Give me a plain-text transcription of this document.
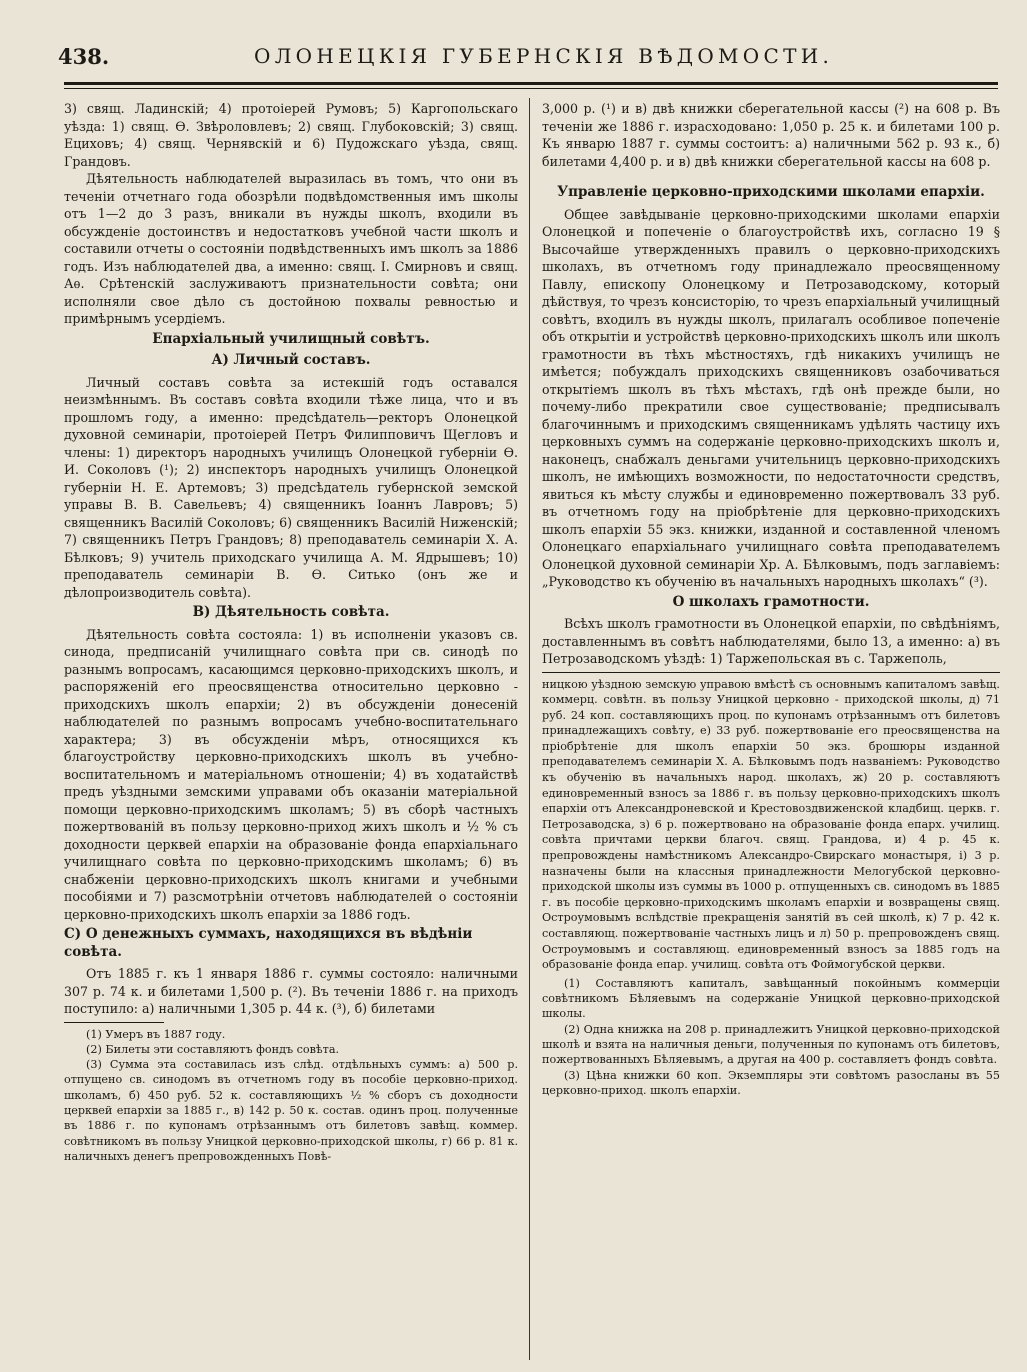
438.	ОЛОНЕЦКІЯ ГУБЕРНСКІЯ ВѢДОМОСТИ.

3) свящ. Ладинскій; 4) протоіерей Румовъ; 5) Каргопольскаго уѣзда: 1) свящ. Ѳ. Звѣроловлевъ; 2) свящ. Глубоковскій; 3) свящ. Ециховъ; 4) свящ. Чернявскій и 6) Пудожскаго уѣзда, свящ. Грандовъ.

Дѣятельность наблюдателей выразилась въ томъ, что они въ теченіи отчетнаго года обозрѣли подвѣдомственныя имъ школы отъ 1—2 до 3 разъ, вникали въ нужды школъ, входили въ обсужденіе достоинствъ и недостатковъ учебной части школъ и составили отчеты о состояніи подвѣдственныхъ имъ школъ за 1886 годъ. Изъ наблюдателей два, а именно: свящ. І. Смирновъ и свящ. Аѳ. Срѣтенскій заслуживаютъ признательности совѣта; они исполняли свое дѣло съ достойною похвалы ревностью и примѣрнымъ усердіемъ.

Епархіальный училищный совѣтъ.
А) Личный составъ.

Личный составъ совѣта за истекшій годъ оставался неизмѣннымъ. Въ составъ совѣта входили тѣже лица, что и въ прошломъ году, а именно: предсѣдатель—ректоръ Олонецкой духовной семинаріи, протоіерей Петръ Филипповичъ Щегловъ и члены: 1) директоръ народныхъ училищъ Олонецкой губерніи Ѳ. И. Соколовъ (¹); 2) инспекторъ народныхъ училищъ Олонецкой губерніи Н. Е. Артемовъ; 3) предсѣдатель губернской земской управы В. В. Савельевъ; 4) священникъ Іоаннъ Лавровъ; 5) священникъ Василій Соколовъ; 6) священникъ Василій Ниженскій; 7) священникъ Петръ Грандовъ; 8) преподаватель семинаріи Х. А. Бѣлковъ; 9) учитель приходскаго училища А. М. Ядрышевъ; 10) преподаватель семинаріи В. Ѳ. Ситько (онъ же и дѣлопроизводитель совѣта).

В) Дѣятельность совѣта.

Дѣятельность совѣта состояла: 1) въ исполненіи указовъ св. синода, предписаній училищнаго совѣта при св. синодѣ по разнымъ вопросамъ, касающимся церковно-приходскихъ школъ, и распоряженій его преосвященства относительно церковно - приходскихъ школъ епархіи; 2) въ обсужденіи донесеній наблюдателей по разнымъ вопросамъ учебно-воспитательнаго характера; 3) въ обсужденіи мѣръ, относящихся къ благоустройству церковно-приходскихъ школъ въ учебно-воспитательномъ и матеріальномъ отношеніи; 4) въ ходатайствѣ предъ уѣздными земскими управами объ оказаніи матеріальной помощи церковно-приходскимъ школамъ; 5) въ сборѣ частныхъ пожертвованій въ пользу церковно-приход жихъ школъ и ½ % съ доходности церквей епархіи на образованіе фонда епархіальнаго училищнаго совѣта по церковно-приходскимъ школамъ; 6) въ снабженіи церковно-приходскихъ школъ книгами и учебными пособіями и 7) разсмотрѣніи отчетовъ наблюдателей о состояніи церковно-приходскихъ школъ епархіи за 1886 годъ.

С) О денежныхъ суммахъ, находящихся въ вѣдѣніи совѣта.

Отъ 1885 г. къ 1 января 1886 г. суммы состояло: наличными 307 р. 74 к. и билетами 1,500 р. (²). Въ теченіи 1886 г. на приходъ поступило: а) наличными 1,305 р. 44 к. (³), б) билетами

(1) Умеръ въ 1887 году.

(2) Билеты эти составляютъ фондъ совѣта.

(3) Сумма эта составилась изъ слѣд. отдѣльныхъ суммъ: а) 500 р. отпущено св. синодомъ въ отчетномъ году въ пособіе церковно-приход. школамъ, б) 450 руб. 52 к. составляющихъ ½ % сборъ съ доходности церквей епархіи за 1885 г., в) 142 р. 50 к. состав. одинъ проц. полученные въ 1886 г. по купонамъ отрѣзаннымъ отъ билетовъ завѣщ. коммер. совѣтникомъ въ пользу Уницкой церковно-приходской школы, г) 66 р. 81 к. наличныхъ денегъ препровожденныхъ Повѣ-

3,000 р. (¹) и в) двѣ книжки сберегательной кассы (²) на 608 р. Въ теченіи же 1886 г. израсходовано: 1,050 р. 25 к. и билетами 100 р. Къ январю 1887 г. суммы состоитъ: а) наличными 562 р. 93 к., б) билетами 4,400 р. и в) двѣ книжки сберегательной кассы на 608 р.

Управленіе церковно-приходскими школами епархіи.

Общее завѣдываніе церковно-приходскими школами епархіи Олонецкой и попеченіе о благоустройствѣ ихъ, согласно 19 § Высочайше утвержденныхъ правилъ о церковно-приходскихъ школахъ, въ отчетномъ году принадлежало преосвященному Павлу, епископу Олонецкому и Петрозаводскому, который дѣйствуя, то чрезъ консисторію, то чрезъ епархіальный училищный совѣтъ, входилъ въ нужды школъ, прилагалъ особливое попеченіе объ открытіи и устройствѣ церковно-приходскихъ школъ или школъ грамотности въ тѣхъ мѣстностяхъ, гдѣ никакихъ училищъ не имѣется; побуждалъ приходскихъ священниковъ озабочиваться открытіемъ школъ въ тѣхъ мѣстахъ, гдѣ онѣ прежде были, но почему-либо прекратили свое существованіе; предписывалъ благочиннымъ и приходскимъ священникамъ удѣлять частицу ихъ церковныхъ суммъ на содержаніе церковно-приходскихъ школъ и, наконецъ, снабжалъ деньгами учительницъ церковно-приходскихъ школъ, не имѣющихъ возможности, по недостаточности средствъ, явиться къ мѣсту службы и единовременно пожертвовалъ 33 руб. въ отчетномъ году на пріобрѣтеніе для церковно-приходскихъ школъ епархіи 55 экз. книжки, изданной и составленной членомъ Олонецкаго епархіальнаго училищнаго совѣта преподавателемъ Олонецкой духовной семинаріи Хр. А. Бѣлковымъ, подъ заглавіемъ: „Руководство къ обученію въ начальныхъ народныхъ школахъ“ (³).

О школахъ грамотности.

Всѣхъ школъ грамотности въ Олонецкой епархіи, по свѣдѣніямъ, доставленнымъ въ совѣтъ наблюдателями, было 13, а именно: а) въ Петрозаводскомъ уѣздѣ: 1) Таржепольская въ с. Таржеполь,

ницкою уѣздною земскую управою вмѣстѣ съ основнымъ капиталомъ завѣщ. коммерц. совѣтн. въ пользу Уницкой церковно - приходской школы, д) 71 руб. 24 коп. составляющихъ проц. по купонамъ отрѣзаннымъ отъ билетовъ принадлежащихъ совѣту, е) 33 руб. пожертвованіе его преосвященства на пріобрѣтеніе для школъ епархіи 50 экз. брошюры изданной преподавателемъ семинаріи Х. А. Бѣлковымъ подъ названіемъ: Руководство къ обученію въ начальныхъ народ. школахъ, ж) 20 р. составляютъ единовременный взносъ за 1886 г. въ пользу церковно-приходскихъ школъ епархіи отъ Александроневской и Крестовоздвиженской кладбищ. церкв. г. Петрозаводска, з) 6 р. пожертвовано на образованіе фонда епарх. училищ. совѣта причтами церкви благоч. свящ. Грандова, и) 4 р. 45 к. препровождены намѣстникомъ Александро-Свирскаго монастыря, і) 3 р. назначены были на классныя принадлежности Мелогубской церковно-приходской школы изъ суммы въ 1000 р. отпущенныхъ св. синодомъ въ 1885 г. въ пособіе церковно-приходскимъ школамъ епархіи и возвращены свящ. Остроумовымъ вслѣдствіе прекращенія занятій въ сей школѣ, к) 7 р. 42 к. составляющ. пожертвованіе частныхъ лицъ и л) 50 р. препровожденъ свящ. Остроумовымъ и составляющ. единовременный взносъ за 1885 годъ на образованіе фонда епар. училищ. совѣта отъ Фоймогубской церкви.

(1) Составляютъ капиталъ, завѣщанный покойнымъ коммерціи совѣтникомъ Бѣляевымъ на содержаніе Уницкой церковно-приходской школы.

(2) Одна книжка на 208 р. принадлежитъ Уницкой церковно-приходской школѣ и взята на наличныя деньги, полученныя по купонамъ отъ билетовъ, пожертвованныхъ Бѣляевымъ, а другая на 400 р. составляетъ фондъ совѣта.

(3) Цѣна книжки 60 коп. Экземпляры эти совѣтомъ разосланы въ 55 церковно-приход. школъ епархіи.
